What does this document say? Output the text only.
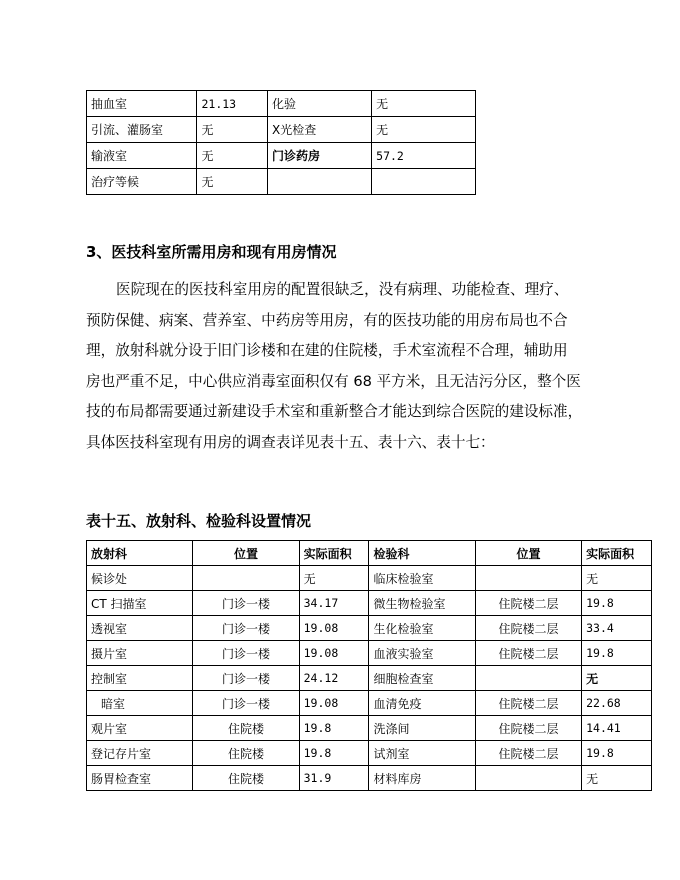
抽血室	21.13	化验	无
引流、灌肠室	无	X光检查	无
输液室	无	门诊药房	57.2
治疗等候	无		
3、医技科室所需用房和现有用房情况

医院现在的医技科室用房的配置很缺乏，没有病理、功能检查、理疗、

预防保健、病案、营养室、中药房等用房，有的医技功能的用房布局也不合

理，放射科就分设于旧门诊楼和在建的住院楼，手术室流程不合理，辅助用

房也严重不足，中心供应消毒室面积仅有 68 平方米，且无洁污分区，整个医

技的布局都需要通过新建设手术室和重新整合才能达到综合医院的建设标准，

具体医技科室现有用房的调查表详见表十五、表十六、表十七：

表十五、放射科、检验科设置情况
放射科	位置	实际面积	检验科	位置	实际面积
候诊处		无	临床检验室		无
CT 扫描室	门诊一楼	34.17	微生物检验室	住院楼二层	19.8
透视室	门诊一楼	19.08	生化检验室	住院楼二层	33.4
摄片室	门诊一楼	19.08	血液实验室	住院楼二层	19.8
控制室	门诊一楼	24.12	细胞检查室		无
暗室	门诊一楼	19.08	血清免疫	住院楼二层	22.68
观片室	住院楼	19.8	洗涤间	住院楼二层	14.41
登记存片室	住院楼	19.8	试剂室	住院楼二层	19.8
肠胃检查室	住院楼	31.9	材料库房		无
